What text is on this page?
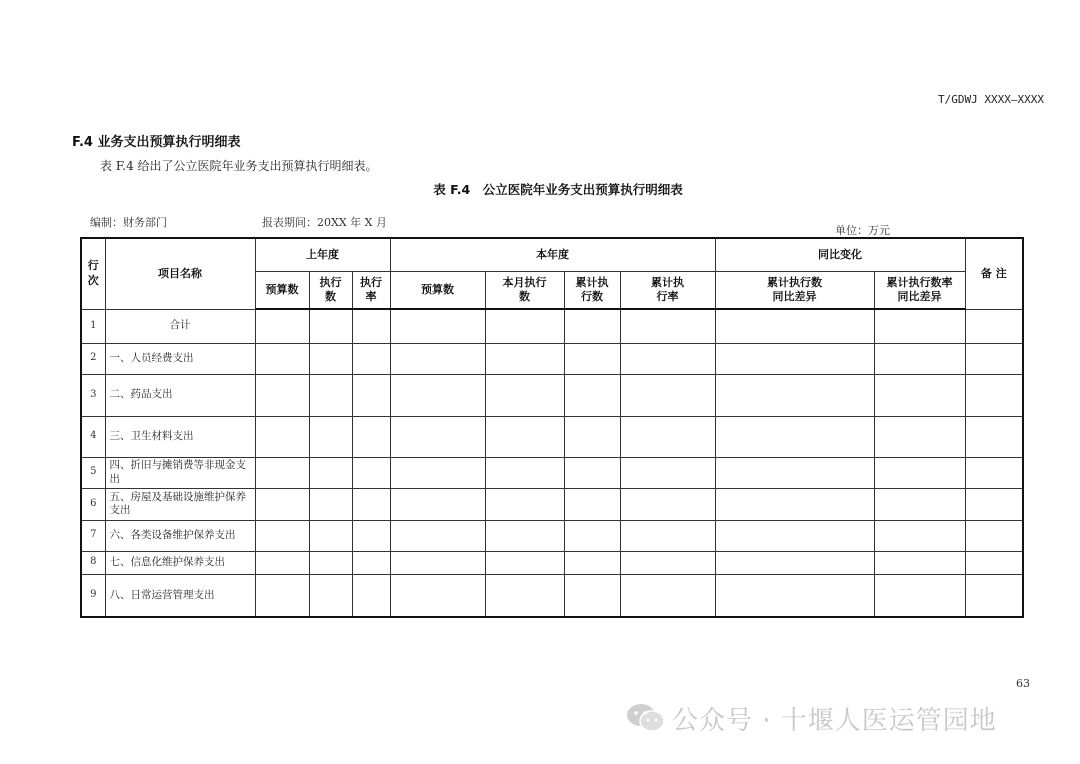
T/GDWJ XXXX—XXXX
F.4 业务支出预算执行明细表
表 F.4 给出了公立医院年业务支出预算执行明细表。
表 F.4　公立医院年业务支出预算执行明细表
编制：财务部门	报表期间：20XX 年 X 月
单位：万元
行次	项目名称	上年度			本年度				同比变化		备 注
		预算数	执行数	执行率	预算数	本月执行数	累计执行数	累计执行率	累计执行数同比差异	累计执行数率同比差异	

1	合计										
2	一、人员经费支出										
3	二、药品支出										
4	三、卫生材料支出										
5	四、折旧与摊销费等非现金支出										
6	五、房屋及基础设施维护保养支出										
7	六、各类设备维护保养支出										
8	七、信息化维护保养支出										
9	八、日常运营管理支出										
63
公众号 · 十堰人医运管园地
